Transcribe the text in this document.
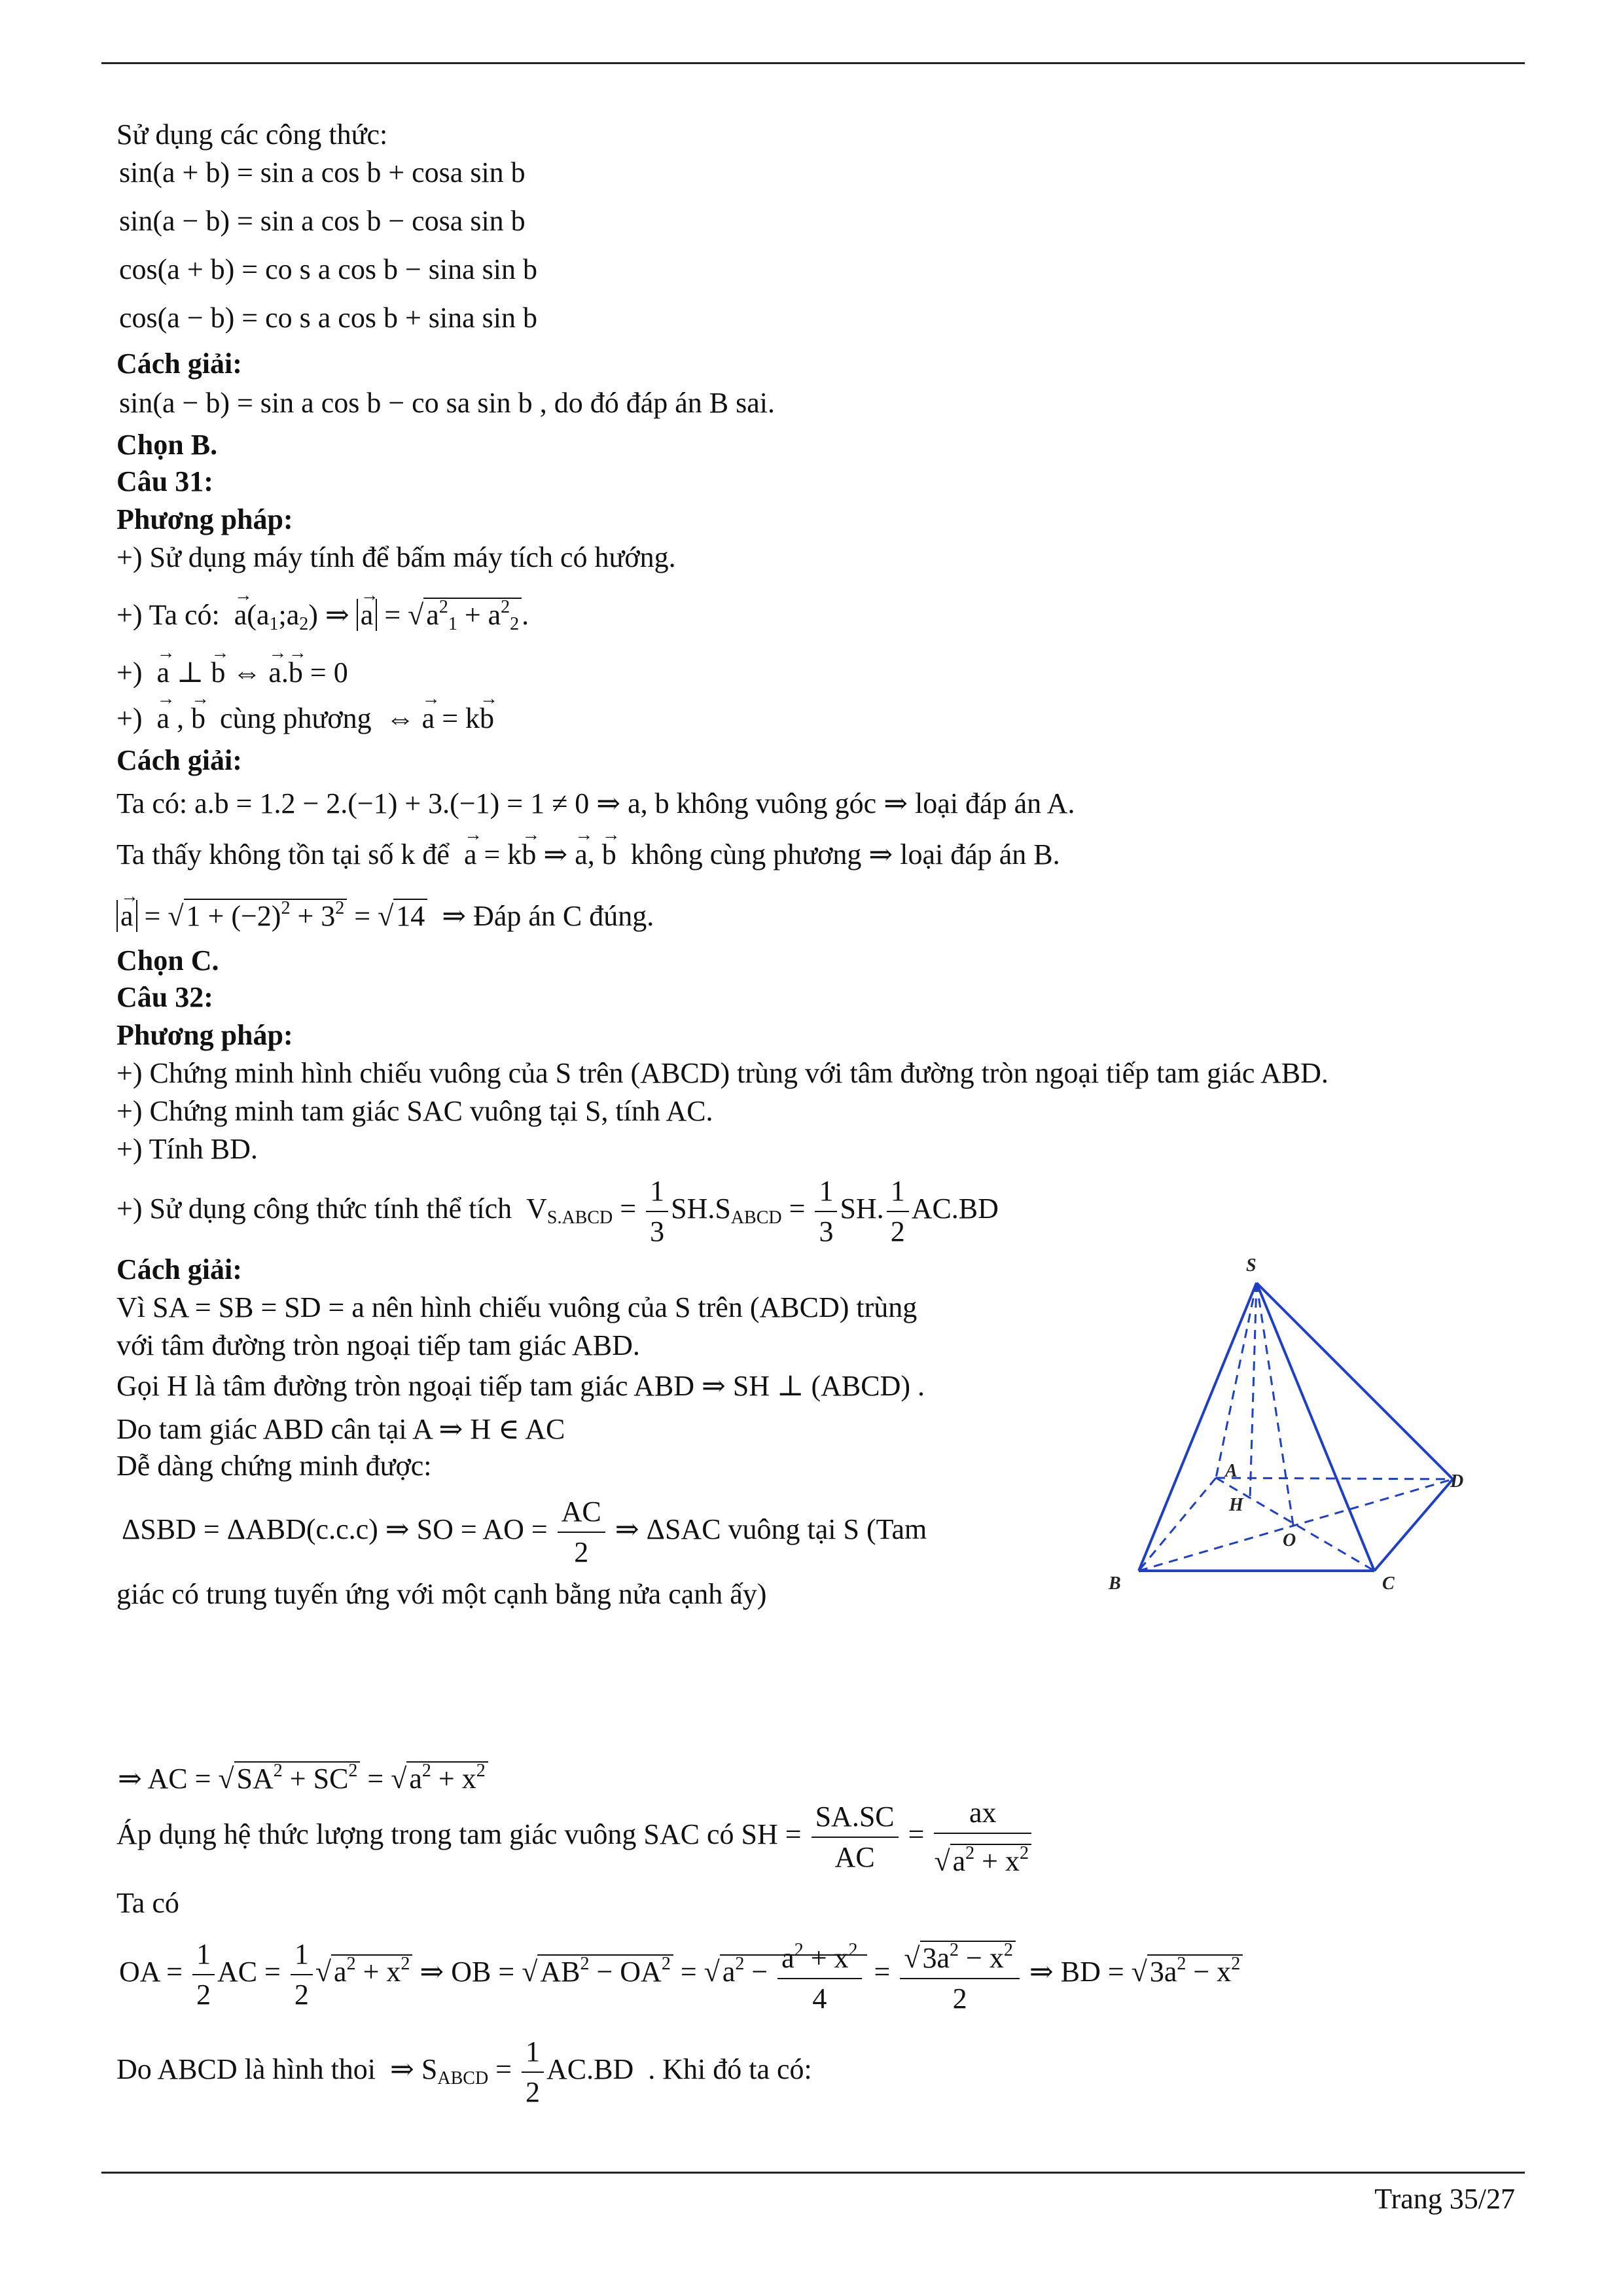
Sử dụng các công thức:
sin(a + b) = sin a cos b + cosa sin b
sin(a − b) = sin a cos b − cosa sin b
cos(a + b) = co s a cos b − sina sin b
cos(a − b) = co s a cos b + sina sin b
Cách giải:
sin(a − b) = sin a cos b − co sa sin b , do đó đáp án B sai.
Chọn B.
Câu 31:
Phương pháp:
+) Sử dụng máy tính để bấm máy tích có hướng.
+) Ta có: → $a(a_1;a_2)$ ⇒ → $a = √a^2_1 + a^2_2$.
+) → a ⊥ → b ⇔ → a.→ b = 0
+) → a , → b cùng phương  ⇔ → a = k→ b
Cách giải:
Ta có: a.b = 1.2 − 2.(−1) + 3.(−1) = 1 ≠ 0 ⇒ a, b không vuông góc ⇒ loại đáp án A.
Ta thấy không tồn tại số k để → a = k→ b ⇒ → a, → b không cùng phương ⇒ loại đáp án B.
→ $a = √1 + (-2)^2 + 3^2 = √14$ ⇒ Đáp án C đúng.
Chọn C.
Câu 32:
Phương pháp:
+) Chứng minh hình chiếu vuông của S trên (ABCD) trùng với tâm đường tròn ngoại tiếp tam giác ABD.
+) Chứng minh tam giác SAC vuông tại S, tính AC.
+) Tính BD.
+) Sử dụng công thức tính thể tích  $V_{S.ABCD} = \frac{1}{3} SH.S_{ABCD} = \frac{1}{3}$ SH. $\frac{1}{2} AC.BD$
Cách giải:
Vì SA = SB = SD = a nên hình chiếu vuông của S trên (ABCD) trùng
với tâm đường tròn ngoại tiếp tam giác ABD.
Gọi H là tâm đường tròn ngoại tiếp tam giác ABD ⇒ SH ⊥ (ABCD) .
Do tam giác ABD cân tại A ⇒ H ∈ AC
Dễ dàng chứng minh được:
ΔSBD = ΔABD(c.c.c) ⇒ SO = AO = $\frac{AC}{2}$ ⇒ ΔSAC vuông tại S (Tam
giác có trung tuyến ứng với một cạnh bằng nửa cạnh ấy)
S
A
D
H
O
B	C
⇒ AC = $√SA^2 + SC^2 = √a^2 + x^2$
Áp dụng hệ thức lượng trong tam giác vuông SAC có SH = $\frac{SA.SC}{AC} = \frac{ax}{√a^2 + x^2}$
Ta có
OA = $\frac{1}{2}$ AC = $\frac{1}{2} √a^2 + x^2$ ⇒ OB = $√AB^2 - OA^2 = √a^2 - \frac{a^2 + x^2}{4} = \frac{√3a^2 - x^2}{2}$ ⇒ BD = $√3a^2 - x^2$
Do ABCD là hình thoi  ⇒ $S_{ABCD} = \frac{1}{2} AC.BD$  . Khi đó ta có:
Trang 35/27
